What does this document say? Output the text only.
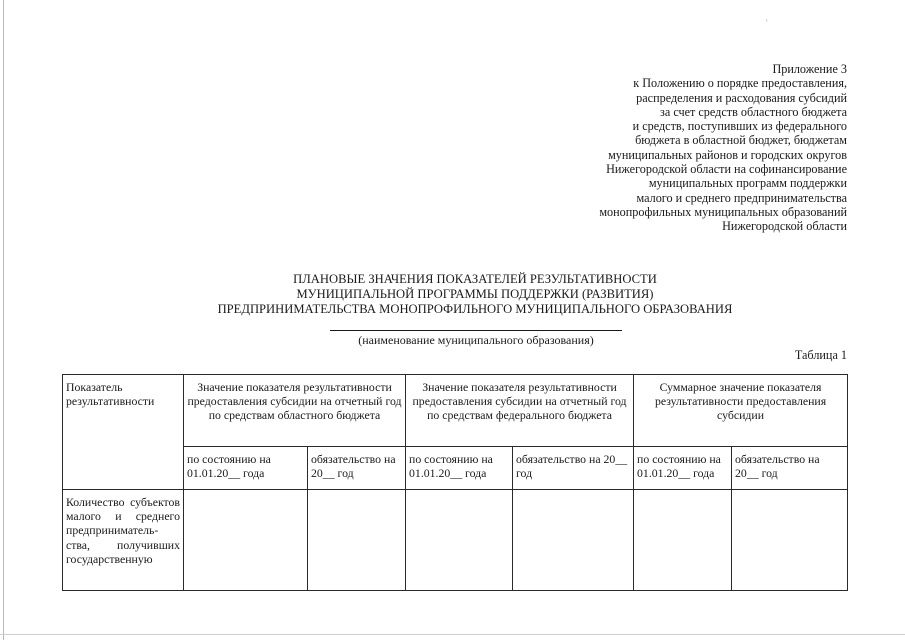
'
Приложение 3
к Положению о порядке предоставления,
распределения и расходования субсидий
за счет средств областного бюджета
и средств, поступивших из федерального
бюджета в областной бюджет, бюджетам
муниципальных районов и городских округов
Нижегородской области на софинансирование
муниципальных программ поддержки
малого и среднего предпринимательства
монопрофильных муниципальных образований
Нижегородской области
ПЛАНОВЫЕ ЗНАЧЕНИЯ ПОКАЗАТЕЛЕЙ РЕЗУЛЬТАТИВНОСТИ
МУНИЦИПАЛЬНОЙ ПРОГРАММЫ ПОДДЕРЖКИ (РАЗВИТИЯ)
ПРЕДПРИНИМАТЕЛЬСТВА МОНОПРОФИЛЬНОГО МУНИЦИПАЛЬНОГО ОБРАЗОВАНИЯ
(наименование муниципального образования)
Таблица 1
Показатель результативности	Значение показателя результативности предоставления субсидии на отчетный год по средствам областного бюджета		Значение показателя результативности предоставления субсидии на отчетный год по средствам федерального бюджета		Суммарное значение показателя результативности предоставления субсидии	
	по состоянию на 01.01.20__ года	обязательство на 20__ год	по состоянию на 01.01.20__ года	обязательство на 20__ год	по состоянию на 01.01.20__ года	обязательство на 20__ год
Количество субъектов малого и среднего предприниматель-ства, получивших государственную						
